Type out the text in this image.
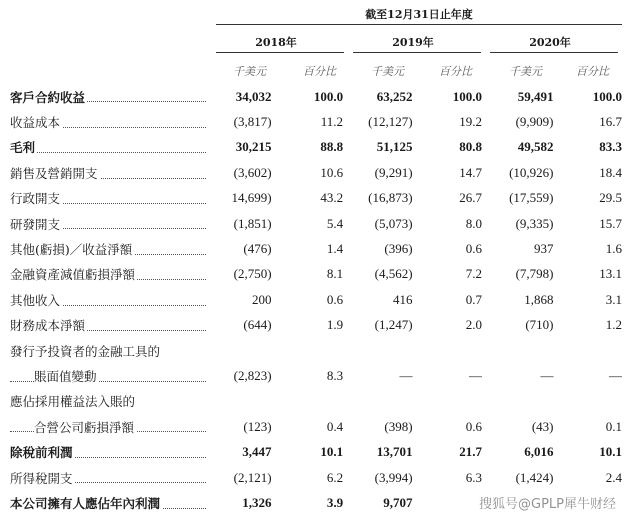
截至12月31日止年度
2018年	2019年	2020年
千美元	百分比	千美元	百分比	千美元	百分比
客戶合約收益	34,032	100.0	63,252	100.0	59,491	100.0

收益成本	(3,817)	11.2	(12,127)	19.2	(9,909)	16.7

毛利	30,215	88.8	51,125	80.8	49,582	83.3

銷售及營銷開支	(3,602)	10.6	(9,291)	14.7	(10,926)	18.4

行政開支	14,699)	43.2	(16,873)	26.7	(17,559)	29.5

研發開支	(1,851)	5.4	(5,073)	8.0	(9,335)	15.7

其他(虧損)／收益淨額	(476)	1.4	(396)	0.6	937	1.6

金融資產減值虧損淨額	(2,750)	8.1	(4,562)	7.2	(7,798)	13.1

其他收入	200	0.6	416	0.7	1,868	3.1

財務成本淨額	(644)	1.9	(1,247)	2.0	(710)	1.2
發行予投資者的金融工具的						

賬面值變動	(2,823)	8.3	—	—	—	—
應佔採用權益法入賬的						

合營公司虧損淨額	(123)	0.4	(398)	0.6	(43)	0.1

除稅前利潤	3,447	10.1	13,701	21.7	6,016	10.1

所得稅開支	(2,121)	6.2	(3,994)	6.3	(1,424)	2.4

本公司擁有人應佔年內利潤	1,326	3.9	9,707				搜狐号@GPLP犀牛财经
